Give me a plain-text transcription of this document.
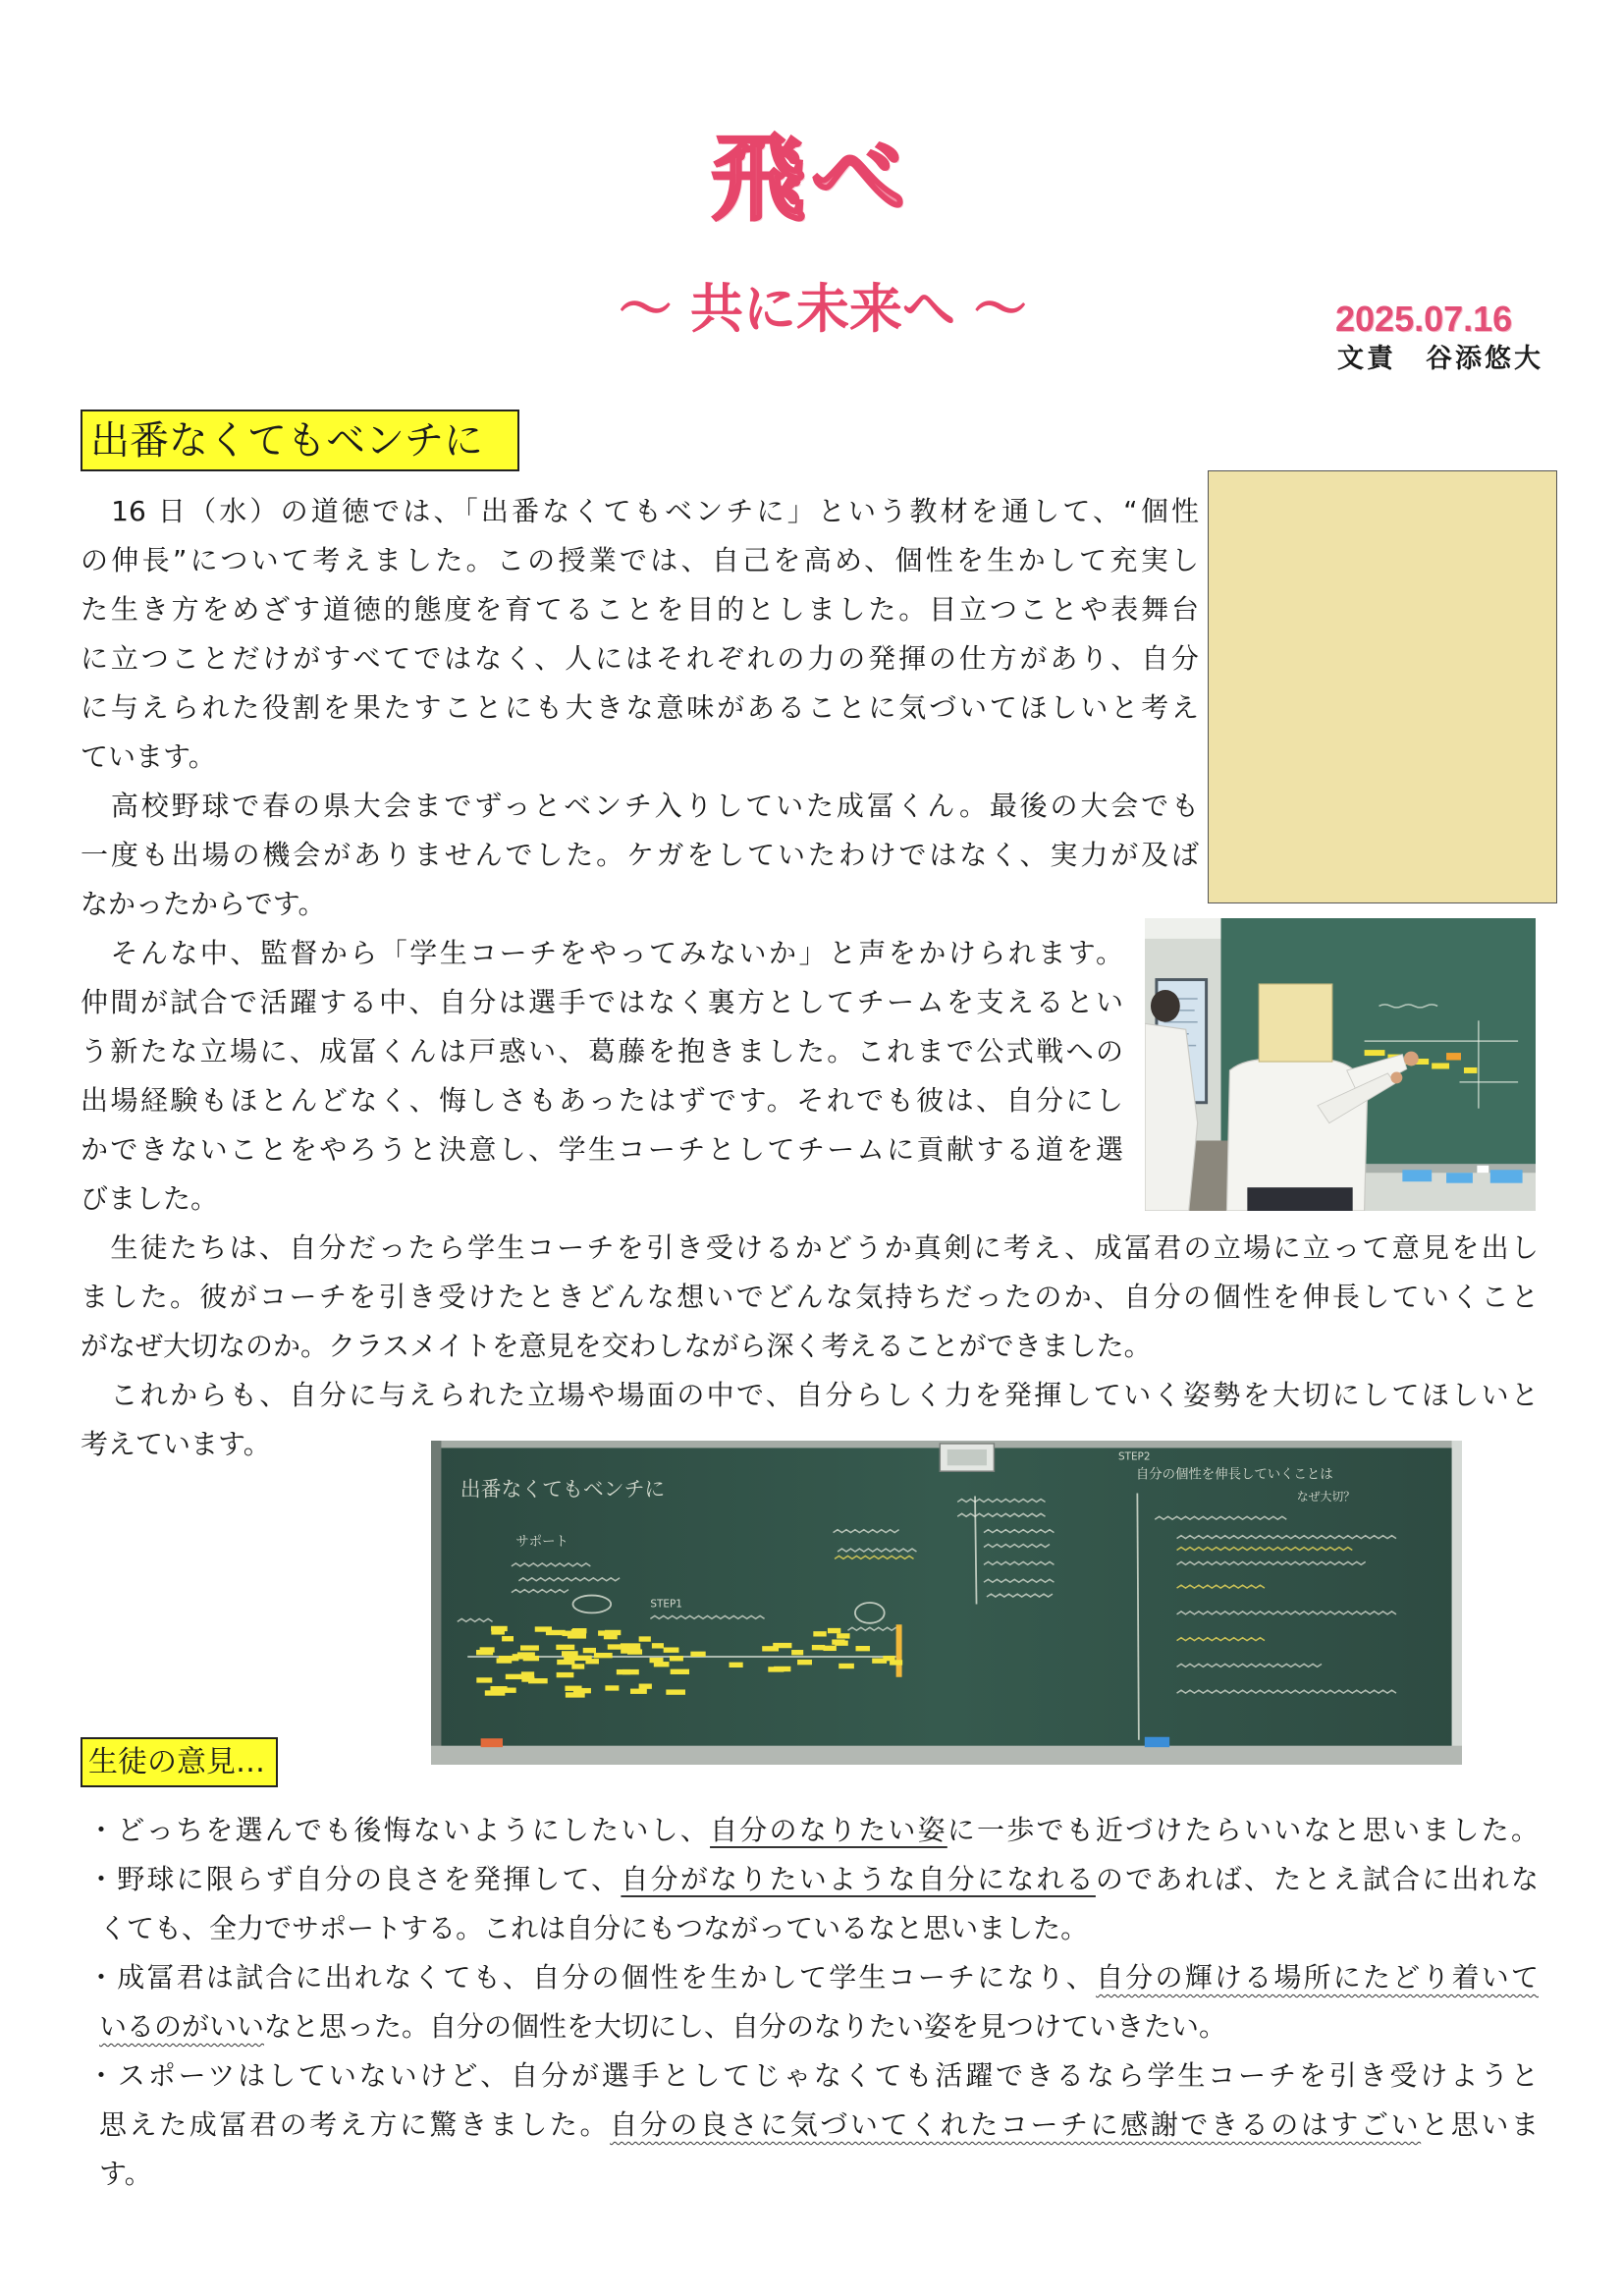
飛べ
〜 共に未来へ 〜	2025.07.16
文責　谷添悠大
出番なくてもベンチに
　16 日（水）の道徳では、「出番なくてもベンチに」という教材を通して、“個性
の伸長”について考えました。この授業では、自己を高め、個性を生かして充実し
た生き方をめざす道徳的態度を育てることを目的としました。目立つことや表舞台
に立つことだけがすべてではなく、人にはそれぞれの力の発揮の仕方があり、自分
に与えられた役割を果たすことにも大きな意味があることに気づいてほしいと考え
ています。
　高校野球で春の県大会までずっとベンチ入りしていた成冨くん。最後の大会でも
一度も出場の機会がありませんでした。ケガをしていたわけではなく、実力が及ば
なかったからです。
　そんな中、監督から「学生コーチをやってみないか」と声をかけられます。
仲間が試合で活躍する中、自分は選手ではなく裏方としてチームを支えるとい
う新たな立場に、成冨くんは戸惑い、葛藤を抱きました。これまで公式戦への
出場経験もほとんどなく、悔しさもあったはずです。それでも彼は、自分にし
かできないことをやろうと決意し、学生コーチとしてチームに貢献する道を選
びました。
　生徒たちは、自分だったら学生コーチを引き受けるかどうか真剣に考え、成冨君の立場に立って意見を出し
ました。彼がコーチを引き受けたときどんな想いでどんな気持ちだったのか、自分の個性を伸長していくこと
がなぜ大切なのか。クラスメイトを意見を交わしながら深く考えることができました。
　これからも、自分に与えられた立場や場面の中で、自分らしく力を発揮していく姿勢を大切にしてほしいと
考えています。
出番なくてもベンチに
サポート
STEP1
STEP2
自分の個性を伸長していくことは
なぜ大切？
生徒の意見…
・どっちを選んでも後悔ないようにしたいし、自分のなりたい姿に一歩でも近づけたらいいなと思いました。
・野球に限らず自分の良さを発揮して、自分がなりたいような自分になれるのであれば、たとえ試合に出れな
くても、全力でサポートする。これは自分にもつながっているなと思いました。
・成冨君は試合に出れなくても、自分の個性を生かして学生コーチになり、自分の輝ける場所にたどり着いて
いるのがいいなと思った。自分の個性を大切にし、自分のなりたい姿を見つけていきたい。
・スポーツはしていないけど、自分が選手としてじゃなくても活躍できるなら学生コーチを引き受けようと
思えた成冨君の考え方に驚きました。自分の良さに気づいてくれたコーチに感謝できるのはすごいと思いま
す。
